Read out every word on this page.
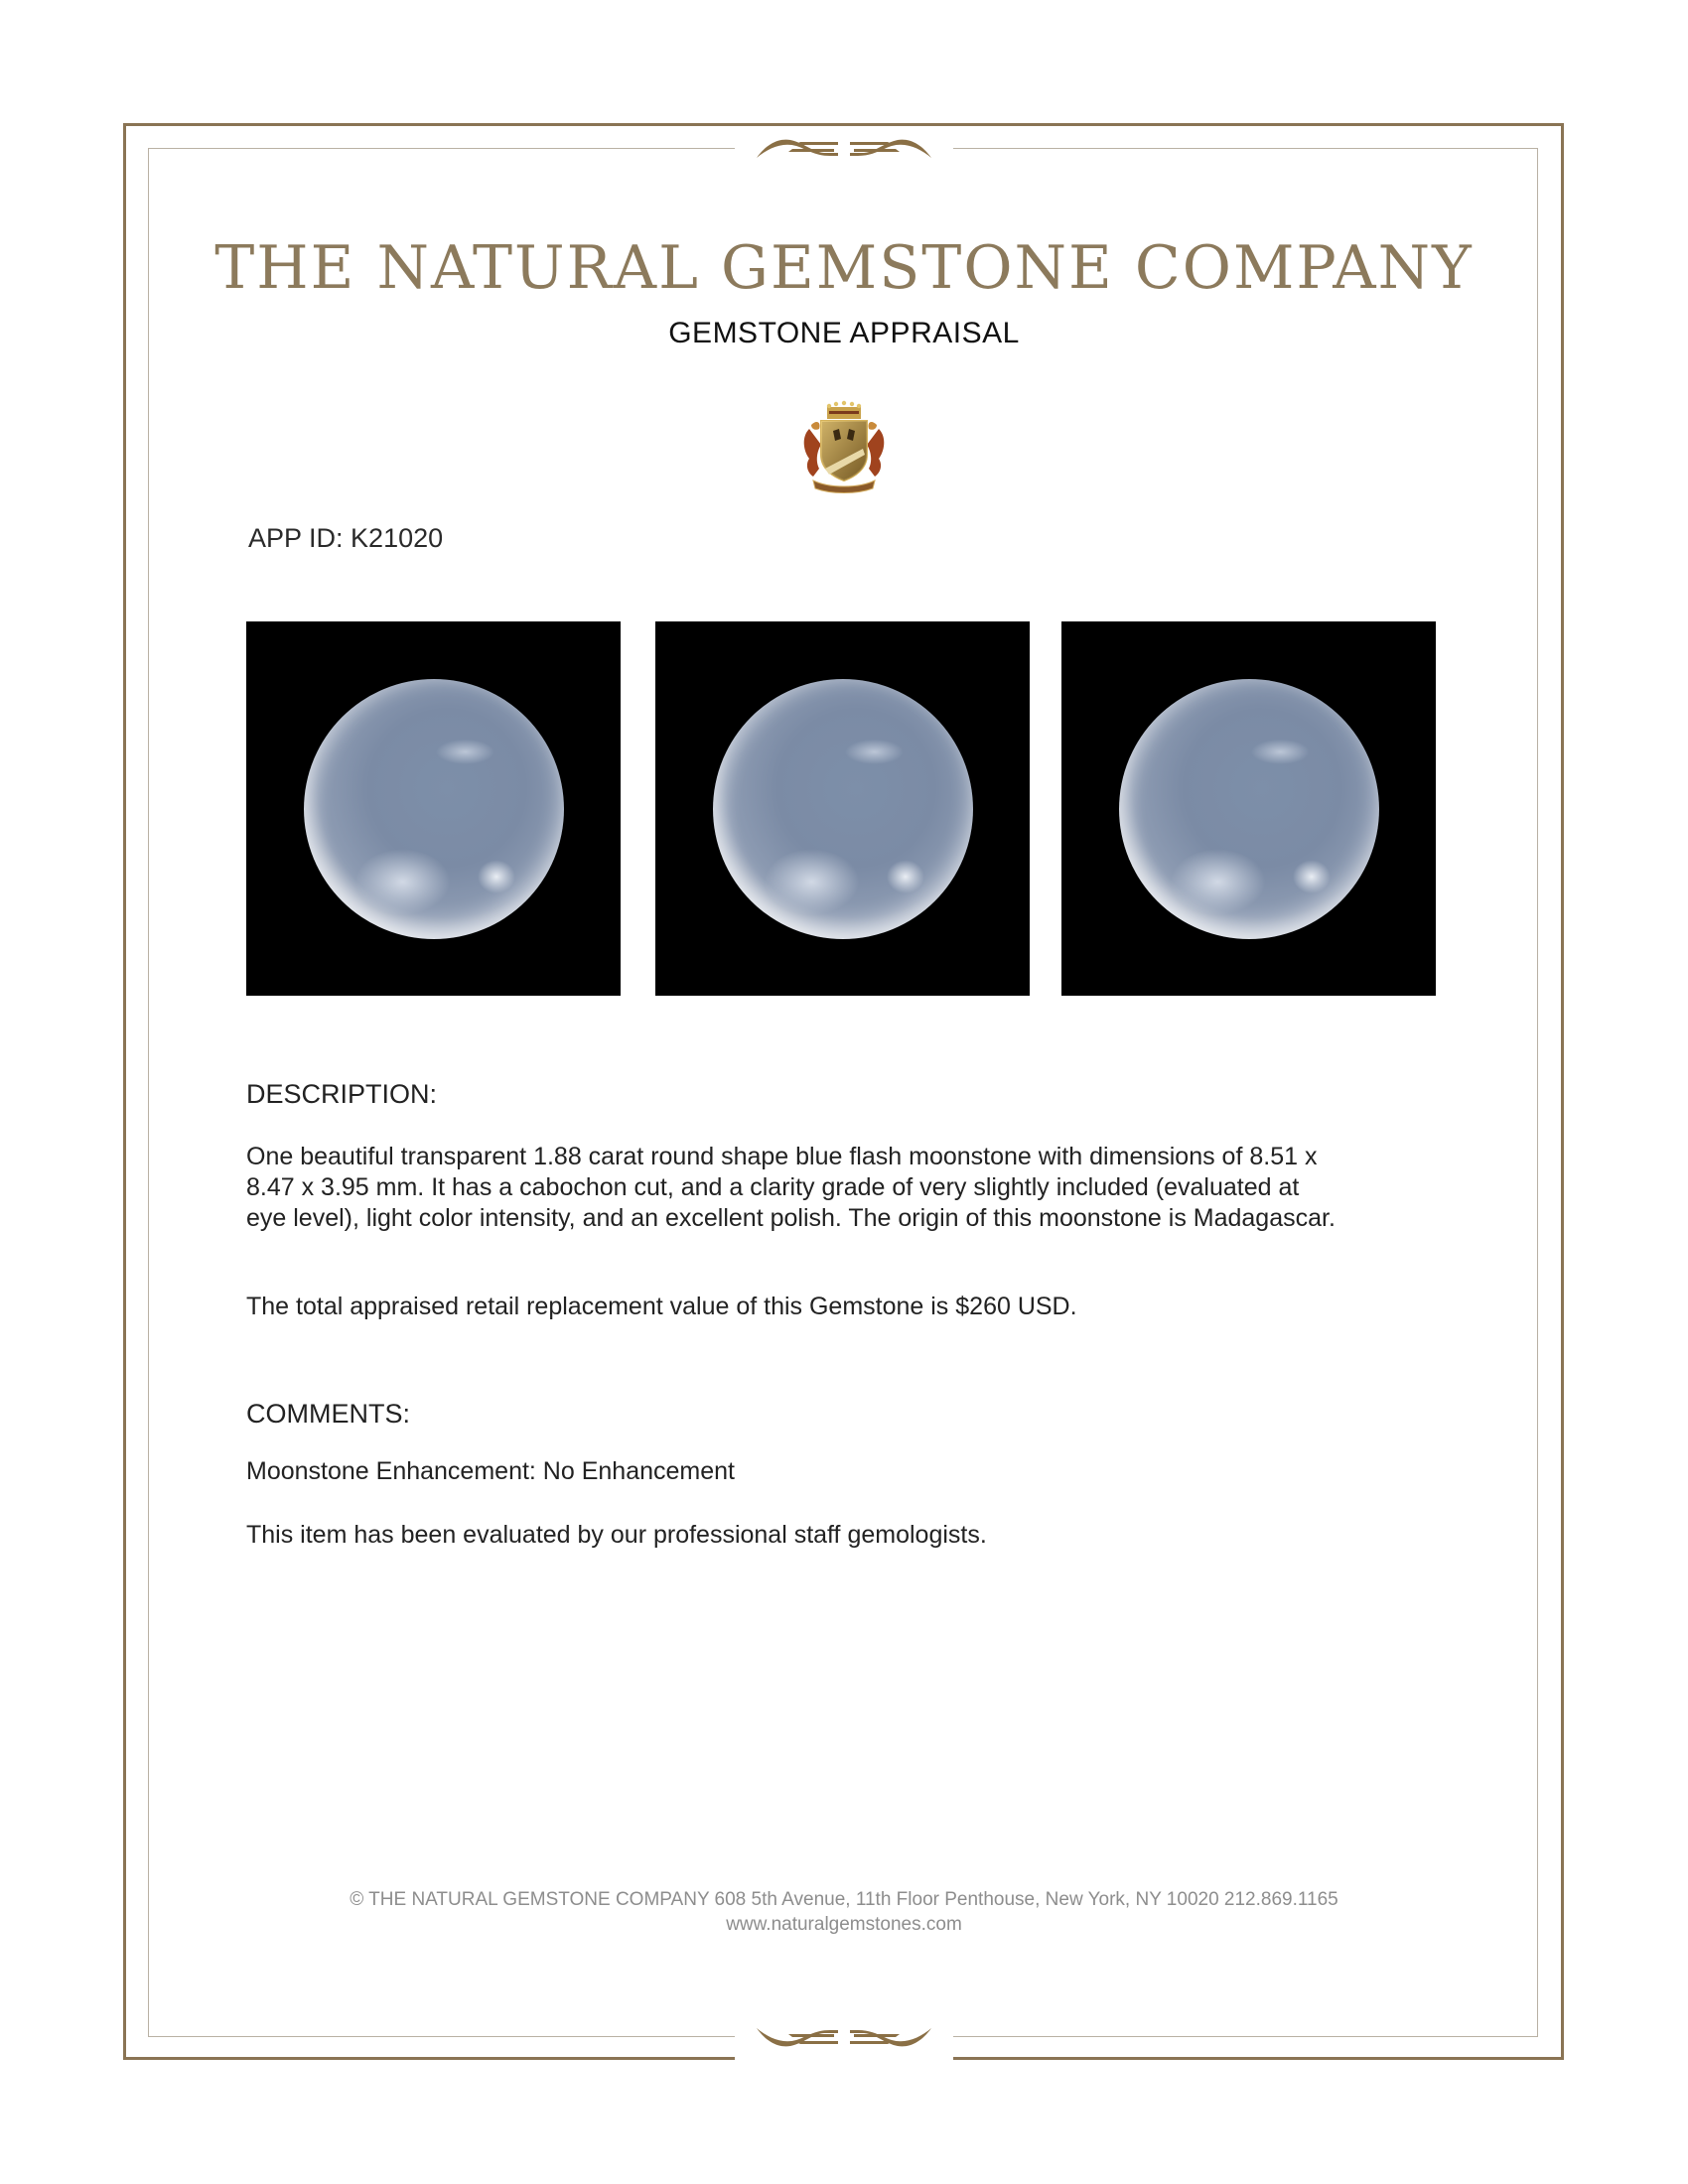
THE NATURAL GEMSTONE COMPANY
GEMSTONE APPRAISAL
APP ID: K21020
DESCRIPTION:
One beautiful transparent 1.88 carat round shape blue flash moonstone with dimensions of 8.51 x
8.47 x 3.95 mm. It has a cabochon cut, and a clarity grade of very slightly included (evaluated at
eye level), light color intensity, and an excellent polish. The origin of this moonstone is Madagascar.
The total appraised retail replacement value of this Gemstone is $260 USD.
COMMENTS:
Moonstone Enhancement: No Enhancement
This item has been evaluated by our professional staff gemologists.
© THE NATURAL GEMSTONE COMPANY 608 5th Avenue, 11th Floor Penthouse, New York, NY 10020 212.869.1165
www.naturalgemstones.com
